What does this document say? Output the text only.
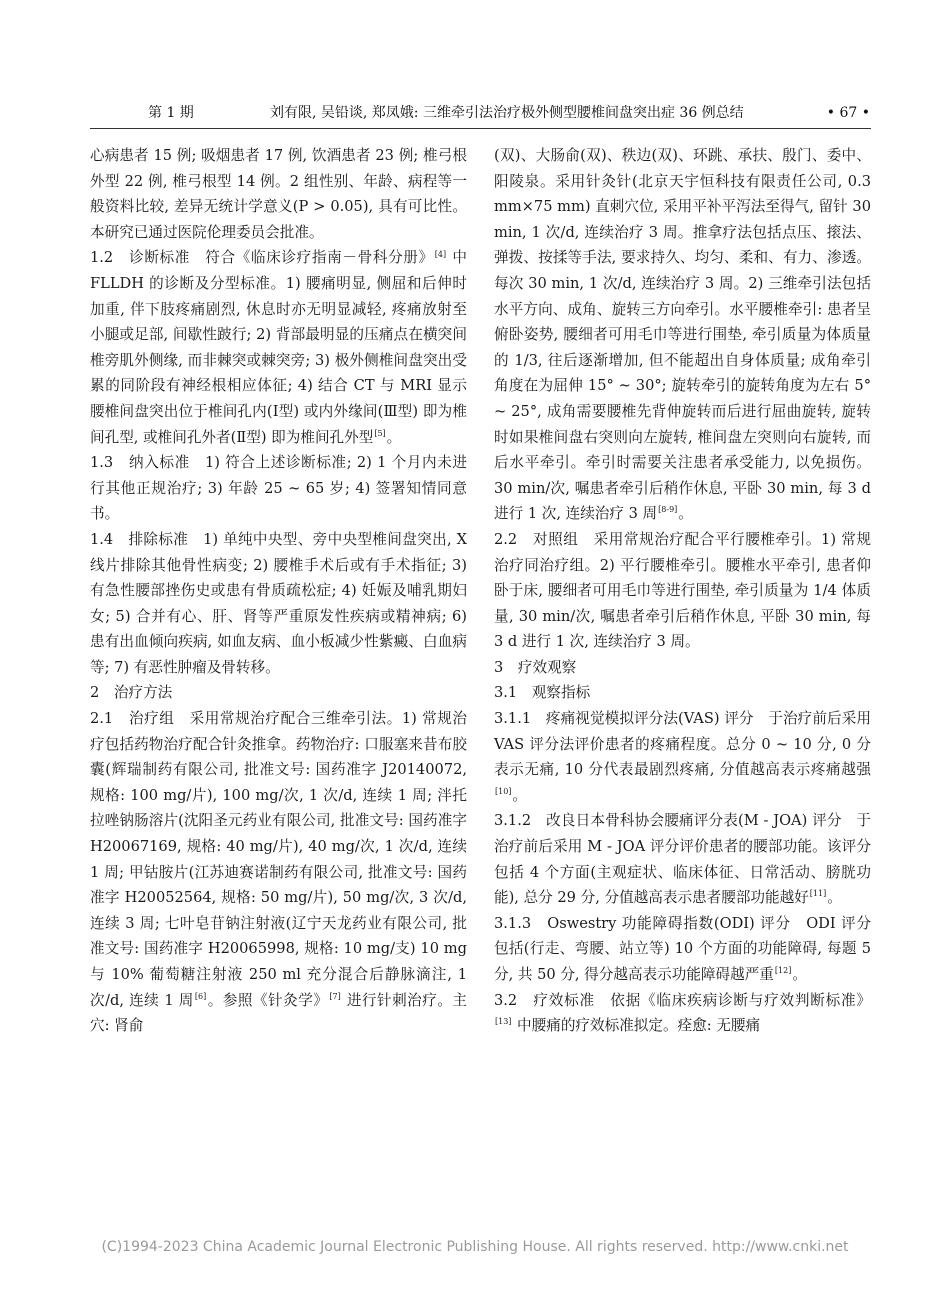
第 1 期	刘有限, 吴铅谈, 郑凤娥: 三维牵引法治疗极外侧型腰椎间盘突出症 36 例总结	• 67 •

心病患者 15 例; 吸烟患者 17 例, 饮酒患者 23 例; 椎弓根外型 22 例, 椎弓根型 14 例。2 组性别、年龄、病程等一般资料比较, 差异无统计学意义(P > 0.05), 具有可比性。本研究已通过医院伦理委员会批准。

1.2　诊断标准　符合《临床诊疗指南－骨科分册》[4] 中 FLLDH 的诊断及分型标准。1) 腰痛明显, 侧屈和后伸时加重, 伴下肢疼痛剧烈, 休息时亦无明显减轻, 疼痛放射至小腿或足部, 间歇性跛行; 2) 背部最明显的压痛点在横突间椎旁肌外侧缘, 而非棘突或棘突旁; 3) 极外侧椎间盘突出受累的同阶段有神经根相应体征; 4) 结合 CT 与 MRI 显示腰椎间盘突出位于椎间孔内(Ⅰ型) 或内外缘间(Ⅲ型) 即为椎间孔型, 或椎间孔外者(Ⅱ型) 即为椎间孔外型[5]。

1.3　纳入标准　1) 符合上述诊断标准; 2) 1 个月内未进行其他正规治疗; 3) 年龄 25 ~ 65 岁; 4) 签署知情同意书。

1.4　排除标准　1) 单纯中央型、旁中央型椎间盘突出, X 线片排除其他骨性病变; 2) 腰椎手术后或有手术指征; 3) 有急性腰部挫伤史或患有骨质疏松症; 4) 妊娠及哺乳期妇女; 5) 合并有心、肝、肾等严重原发性疾病或精神病; 6) 患有出血倾向疾病, 如血友病、血小板减少性紫癜、白血病等; 7) 有恶性肿瘤及骨转移。

2　治疗方法

2.1　治疗组　采用常规治疗配合三维牵引法。1) 常规治疗包括药物治疗配合针灸推拿。药物治疗: 口服塞来昔布胶囊(辉瑞制药有限公司, 批准文号: 国药准字 J20140072, 规格: 100 mg/片), 100 mg/次, 1 次/d, 连续 1 周; 泮托拉唑钠肠溶片(沈阳圣元药业有限公司, 批准文号: 国药准字 H20067169, 规格: 40 mg/片), 40 mg/次, 1 次/d, 连续 1 周; 甲钴胺片(江苏迪赛诺制药有限公司, 批准文号: 国药准字 H20052564, 规格: 50 mg/片), 50 mg/次, 3 次/d, 连续 3 周; 七叶皂苷钠注射液(辽宁天龙药业有限公司, 批准文号: 国药准字 H20065998, 规格: 10 mg/支) 10 mg 与 10% 葡萄糖注射液 250 ml 充分混合后静脉滴注, 1 次/d, 连续 1 周[6]。参照《针灸学》[7] 进行针刺治疗。主穴: 肾俞

(双)、大肠俞(双)、秩边(双)、环跳、承扶、殷门、委中、阳陵泉。采用针灸针(北京天宇恒科技有限责任公司, 0.3 mm×75 mm) 直刺穴位, 采用平补平泻法至得气, 留针 30 min, 1 次/d, 连续治疗 3 周。推拿疗法包括点压、㨰法、弹拨、按揉等手法, 要求持久、均匀、柔和、有力、渗透。每次 30 min, 1 次/d, 连续治疗 3 周。2) 三维牵引法包括水平方向、成角、旋转三方向牵引。水平腰椎牵引: 患者呈俯卧姿势, 腰细者可用毛巾等进行围垫, 牵引质量为体质量的 1/3, 往后逐渐增加, 但不能超出自身体质量; 成角牵引角度在为屈伸 15° ~ 30°; 旋转牵引的旋转角度为左右 5° ~ 25°, 成角需要腰椎先背伸旋转而后进行屈曲旋转, 旋转时如果椎间盘右突则向左旋转, 椎间盘左突则向右旋转, 而后水平牵引。牵引时需要关注患者承受能力, 以免损伤。30 min/次, 嘱患者牵引后稍作休息, 平卧 30 min, 每 3 d 进行 1 次, 连续治疗 3 周[8-9]。

2.2　对照组　采用常规治疗配合平行腰椎牵引。1) 常规治疗同治疗组。2) 平行腰椎牵引。腰椎水平牵引, 患者仰卧于床, 腰细者可用毛巾等进行围垫, 牵引质量为 1/4 体质量, 30 min/次, 嘱患者牵引后稍作休息, 平卧 30 min, 每 3 d 进行 1 次, 连续治疗 3 周。

3　疗效观察

3.1　观察指标

3.1.1　疼痛视觉模拟评分法(VAS) 评分　于治疗前后采用 VAS 评分法评价患者的疼痛程度。总分 0 ~ 10 分, 0 分表示无痛, 10 分代表最剧烈疼痛, 分值越高表示疼痛越强[10]。

3.1.2　改良日本骨科协会腰痛评分表(M - JOA) 评分　于治疗前后采用 M - JOA 评分评价患者的腰部功能。该评分包括 4 个方面(主观症状、临床体征、日常活动、膀胱功能), 总分 29 分, 分值越高表示患者腰部功能越好[11]。

3.1.3　Oswestry 功能障碍指数(ODI) 评分　ODI 评分包括(行走、弯腰、站立等) 10 个方面的功能障碍, 每题 5 分, 共 50 分, 得分越高表示功能障碍越严重[12]。

3.2　疗效标准　依据《临床疾病诊断与疗效判断标准》[13] 中腰痛的疗效标准拟定。痊愈: 无腰痛

(C)1994-2023 China Academic Journal Electronic Publishing House. All rights reserved. http://www.cnki.net
